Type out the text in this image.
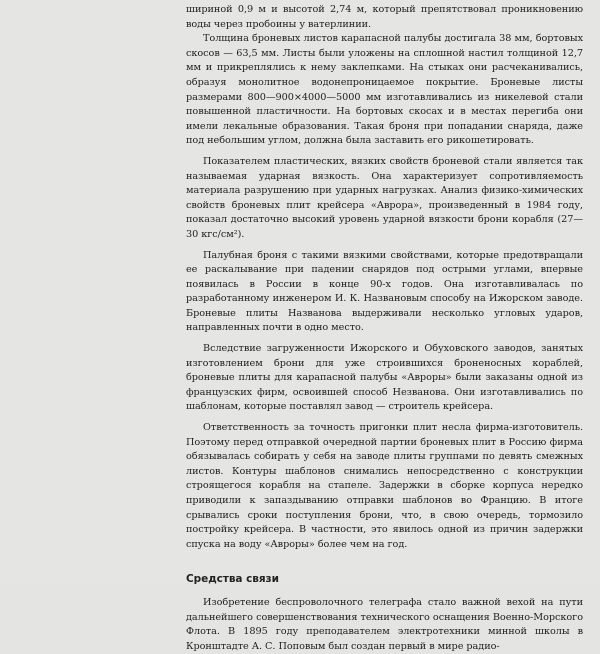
шириной 0,9 м и высотой 2,74 м, который препятствовал проникновению воды через пробоины у ватерлинии.

Толщина броневых листов карапасной палубы достигала 38 мм, бортовых скосов — 63,5 мм. Листы были уложены на сплошной настил толщиной 12,7 мм и прикреплялись к нему заклепками. На стыках они расчеканивались, образуя монолитное водонепроницаемое покрытие. Броневые листы размерами 800—900×4000—5000 мм изготавливались из никелевой стали повышенной пластичности. На бортовых скосах и в местах перегиба они имели лекальные образования. Такая броня при попадании снаряда, даже под небольшим углом, должна была заставить его рикошетировать.

Показателем пластических, вязких свойств броневой стали является так называемая ударная вязкость. Она характеризует сопротивляемость материала разрушению при ударных нагрузках. Анализ физико-химических свойств броневых плит крейсера «Аврора», произведенный в 1984 году, показал достаточно высокий уровень ударной вязкости брони корабля (27—30 кгс/см²).

Палубная броня с такими вязкими свойствами, которые предотвращали ее раскалывание при падении снарядов под острыми углами, впервые появилась в России в конце 90-х годов. Она изготавливалась по разработанному инженером И. К. Названовым способу на Ижорском заводе. Броневые плиты Названова выдерживали несколько угловых ударов, направленных почти в одно место.

Вследствие загруженности Ижорского и Обуховского заводов, занятых изготовлением брони для уже строившихся броненосных кораблей, броневые плиты для карапасной палубы «Авроры» были заказаны одной из французских фирм, освоившей способ Незванова. Они изготавливались по шаблонам, которые поставлял завод — строитель крейсера.

Ответственность за точность пригонки плит несла фирма-изготовитель. Поэтому перед отправкой очередной партии броневых плит в Россию фирма обязывалась собирать у себя на заводе плиты группами по девять смежных листов. Контуры шаблонов снимались непосредственно с конструкции строящегося корабля на стапеле. Задержки в сборке корпуса нередко приводили к запаздыванию отправки шаблонов во Францию. В итоге срывались сроки поступления брони, что, в свою очередь, тормозило постройку крейсера. В частности, это явилось одной из причин задержки спуска на воду «Авроры» более чем на год.

Средства связи

Изобретение беспроволочного телеграфа стало важной вехой на пути дальнейшего совершенствования технического оснащения Военно-Морского Флота. В 1895 году преподавателем электротехники минной школы в Кронштадте А. С. Поповым был создан первый в мире радио-
